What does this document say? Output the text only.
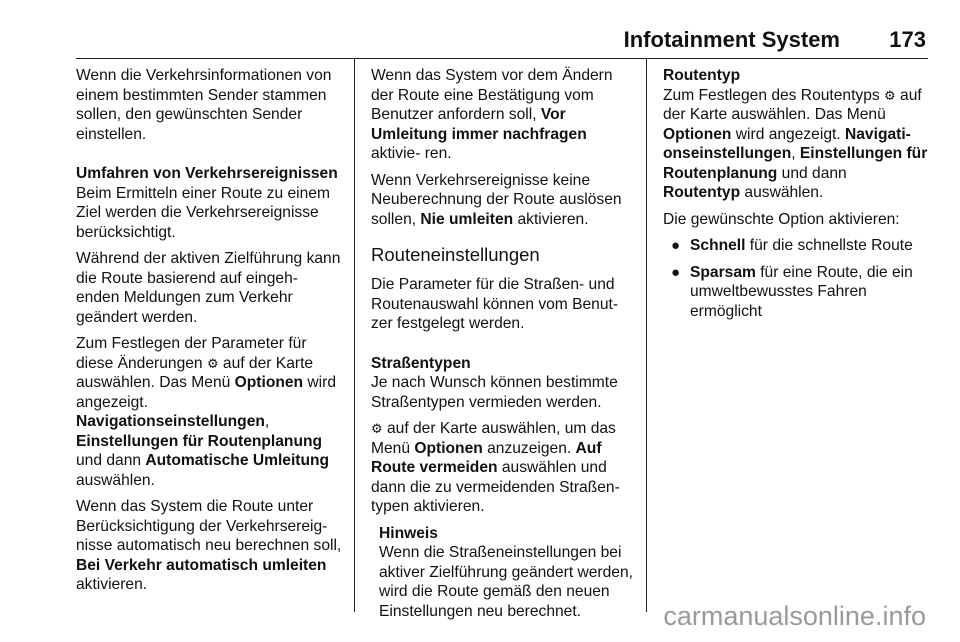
Infotainment System 173

Wenn die Verkehrsinformationen von einem bestimmten Sender stammen sollen, den gewünschten Sender einstellen.

Umfahren von Verkehrsereignissen

Beim Ermitteln einer Route zu einem Ziel werden die Verkehrsereignisse berücksichtigt.

Während der aktiven Zielführung kann die Route basierend auf eingeh- enden Meldungen zum Verkehr geändert werden.

Zum Festlegen der Parameter für diese Änderungen ⚙ auf der Karte auswählen. Das Menü Optionen wird angezeigt. Navigationseinstellungen, Einstellungen für Routenplanung und dann Automatische Umleitung auswählen.

Wenn das System die Route unter Berücksichtigung der Verkehrsereig- nisse automatisch neu berechnen soll, Bei Verkehr automatisch umleiten aktivieren.

Wenn das System vor dem Ändern der Route eine Bestätigung vom Benutzer anfordern soll, Vor Umleitung immer nachfragen aktivie- ren.

Wenn Verkehrsereignisse keine Neuberechnung der Route auslösen sollen, Nie umleiten aktivieren.

Routeneinstellungen

Die Parameter für die Straßen- und Routenauswahl können vom Benut- zer festgelegt werden.

Straßentypen

Je nach Wunsch können bestimmte Straßentypen vermieden werden.

⚙ auf der Karte auswählen, um das Menü Optionen anzuzeigen. Auf Route vermeiden auswählen und dann die zu vermeidenden Straßen- typen aktivieren.

Hinweis

Wenn die Straßeneinstellungen bei aktiver Zielführung geändert werden, wird die Route gemäß den neuen Einstellungen neu berechnet.

Routentyp

Zum Festlegen des Routentyps ⚙ auf der Karte auswählen. Das Menü Optionen wird angezeigt. Navigati- onseinstellungen, Einstellungen für Routenplanung und dann Routentyp auswählen.

Die gewünschte Option aktivieren:

● Schnell für die schnellste Route
● Sparsam für eine Route, die ein umweltbewusstes Fahren ermöglicht
carmanualsonline.info
